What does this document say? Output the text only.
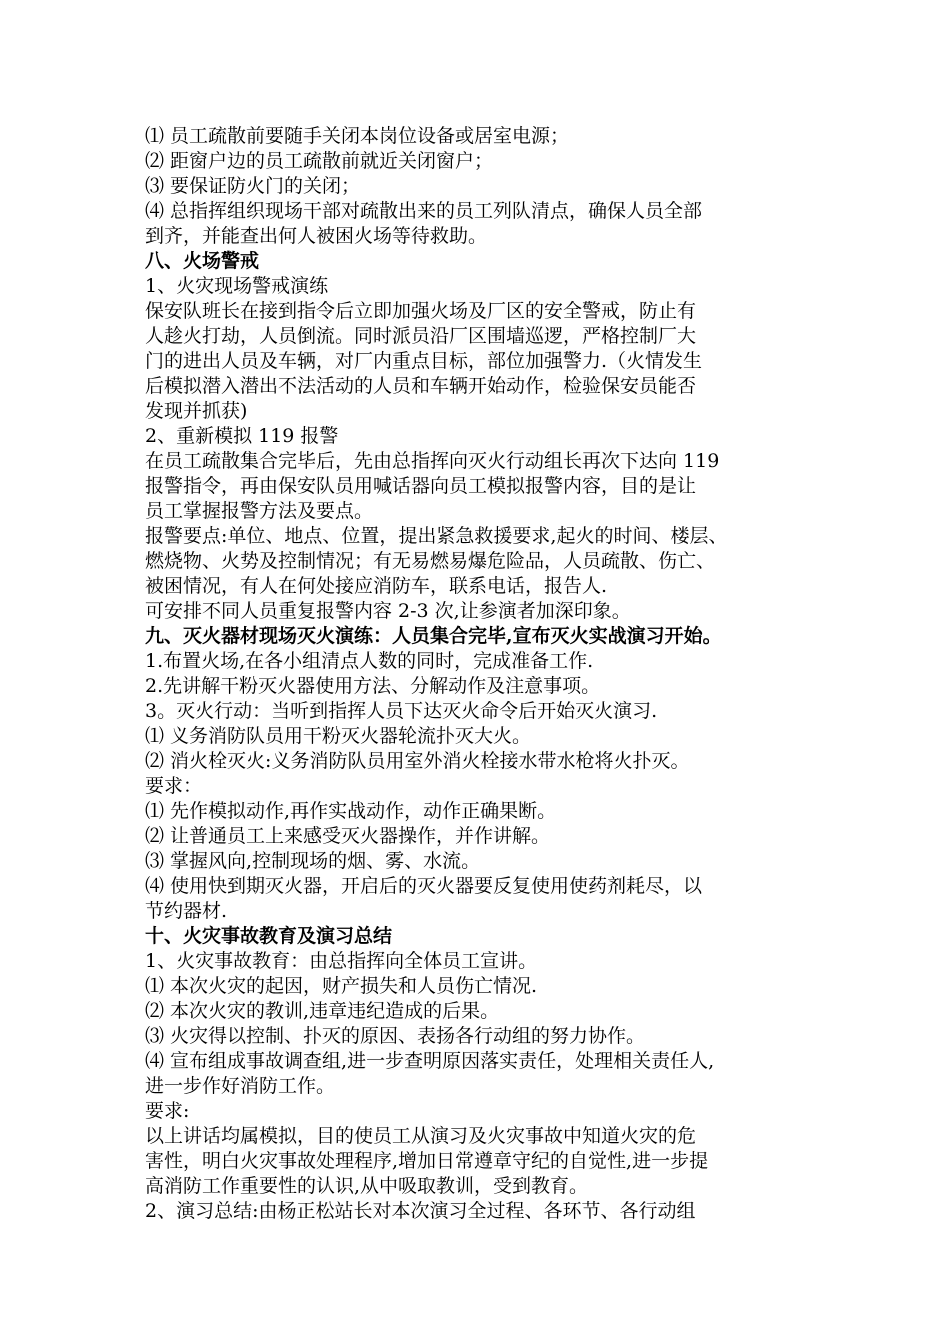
⑴ 员工疏散前要随手关闭本岗位设备或居室电源；
⑵ 距窗户边的员工疏散前就近关闭窗户；
⑶ 要保证防火门的关闭；
⑷ 总指挥组织现场干部对疏散出来的员工列队清点，确保人员全部
到齐，并能查出何人被困火场等待救助。
八、火场警戒
1、火灾现场警戒演练
保安队班长在接到指令后立即加强火场及厂区的安全警戒，防止有
人趁火打劫，人员倒流。同时派员沿厂区围墙巡逻，严格控制厂大
门的进出人员及车辆，对厂内重点目标，部位加强警力.（火情发生
后模拟潜入潜出不法活动的人员和车辆开始动作，检验保安员能否
发现并抓获)
2、重新模拟 119 报警
在员工疏散集合完毕后，先由总指挥向灭火行动组长再次下达向 119
报警指令，再由保安队员用喊话器向员工模拟报警内容，目的是让
员工掌握报警方法及要点。
报警要点:单位、地点、位置，提出紧急救援要求,起火的时间、楼层、
燃烧物、火势及控制情况；有无易燃易爆危险品，人员疏散、伤亡、
被困情况，有人在何处接应消防车，联系电话，报告人.
可安排不同人员重复报警内容 2-3 次,让参演者加深印象。
九、灭火器材现场灭火演练：人员集合完毕,宣布灭火实战演习开始。
1.布置火场,在各小组清点人数的同时，完成准备工作.
2.先讲解干粉灭火器使用方法、分解动作及注意事项。
3。灭火行动：当听到指挥人员下达灭火命令后开始灭火演习.
⑴ 义务消防队员用干粉灭火器轮流扑灭大火。
⑵ 消火栓灭火:义务消防队员用室外消火栓接水带水枪将火扑灭。
要求：
⑴ 先作模拟动作,再作实战动作，动作正确果断。
⑵ 让普通员工上来感受灭火器操作，并作讲解。
⑶ 掌握风向,控制现场的烟、雾、水流。
⑷ 使用快到期灭火器，开启后的灭火器要反复使用使药剂耗尽，以
节约器材.
十、火灾事故教育及演习总结
1、火灾事故教育：由总指挥向全体员工宣讲。
⑴ 本次火灾的起因，财产损失和人员伤亡情况.
⑵ 本次火灾的教训,违章违纪造成的后果。
⑶ 火灾得以控制、扑灭的原因、表扬各行动组的努力协作。
⑷ 宣布组成事故调查组,进一步查明原因落实责任，处理相关责任人,
进一步作好消防工作。
要求:
以上讲话均属模拟，目的使员工从演习及火灾事故中知道火灾的危
害性，明白火灾事故处理程序,增加日常遵章守纪的自觉性,进一步提
高消防工作重要性的认识,从中吸取教训，受到教育。
2、演习总结:由杨正松站长对本次演习全过程、各环节、各行动组
